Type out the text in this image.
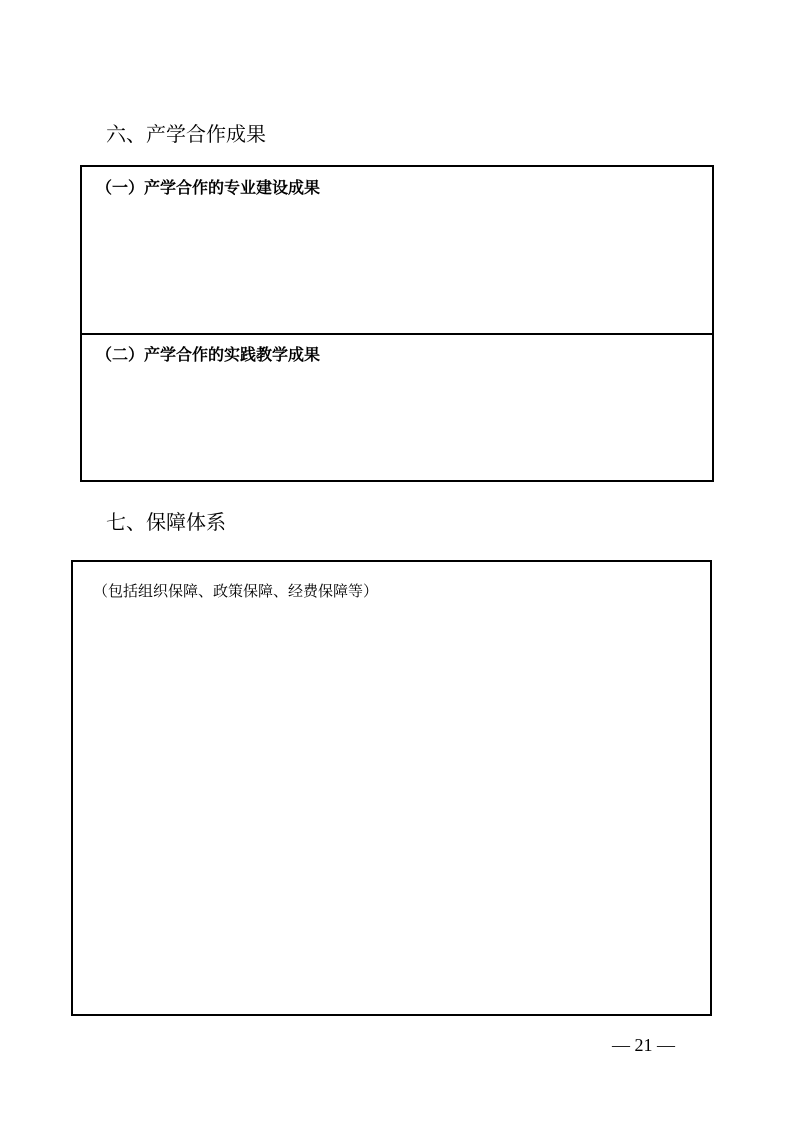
六、产学合作成果
（一）产学合作的专业建设成果
（二）产学合作的实践教学成果
七、保障体系
（包括组织保障、政策保障、经费保障等）
— 21 —
